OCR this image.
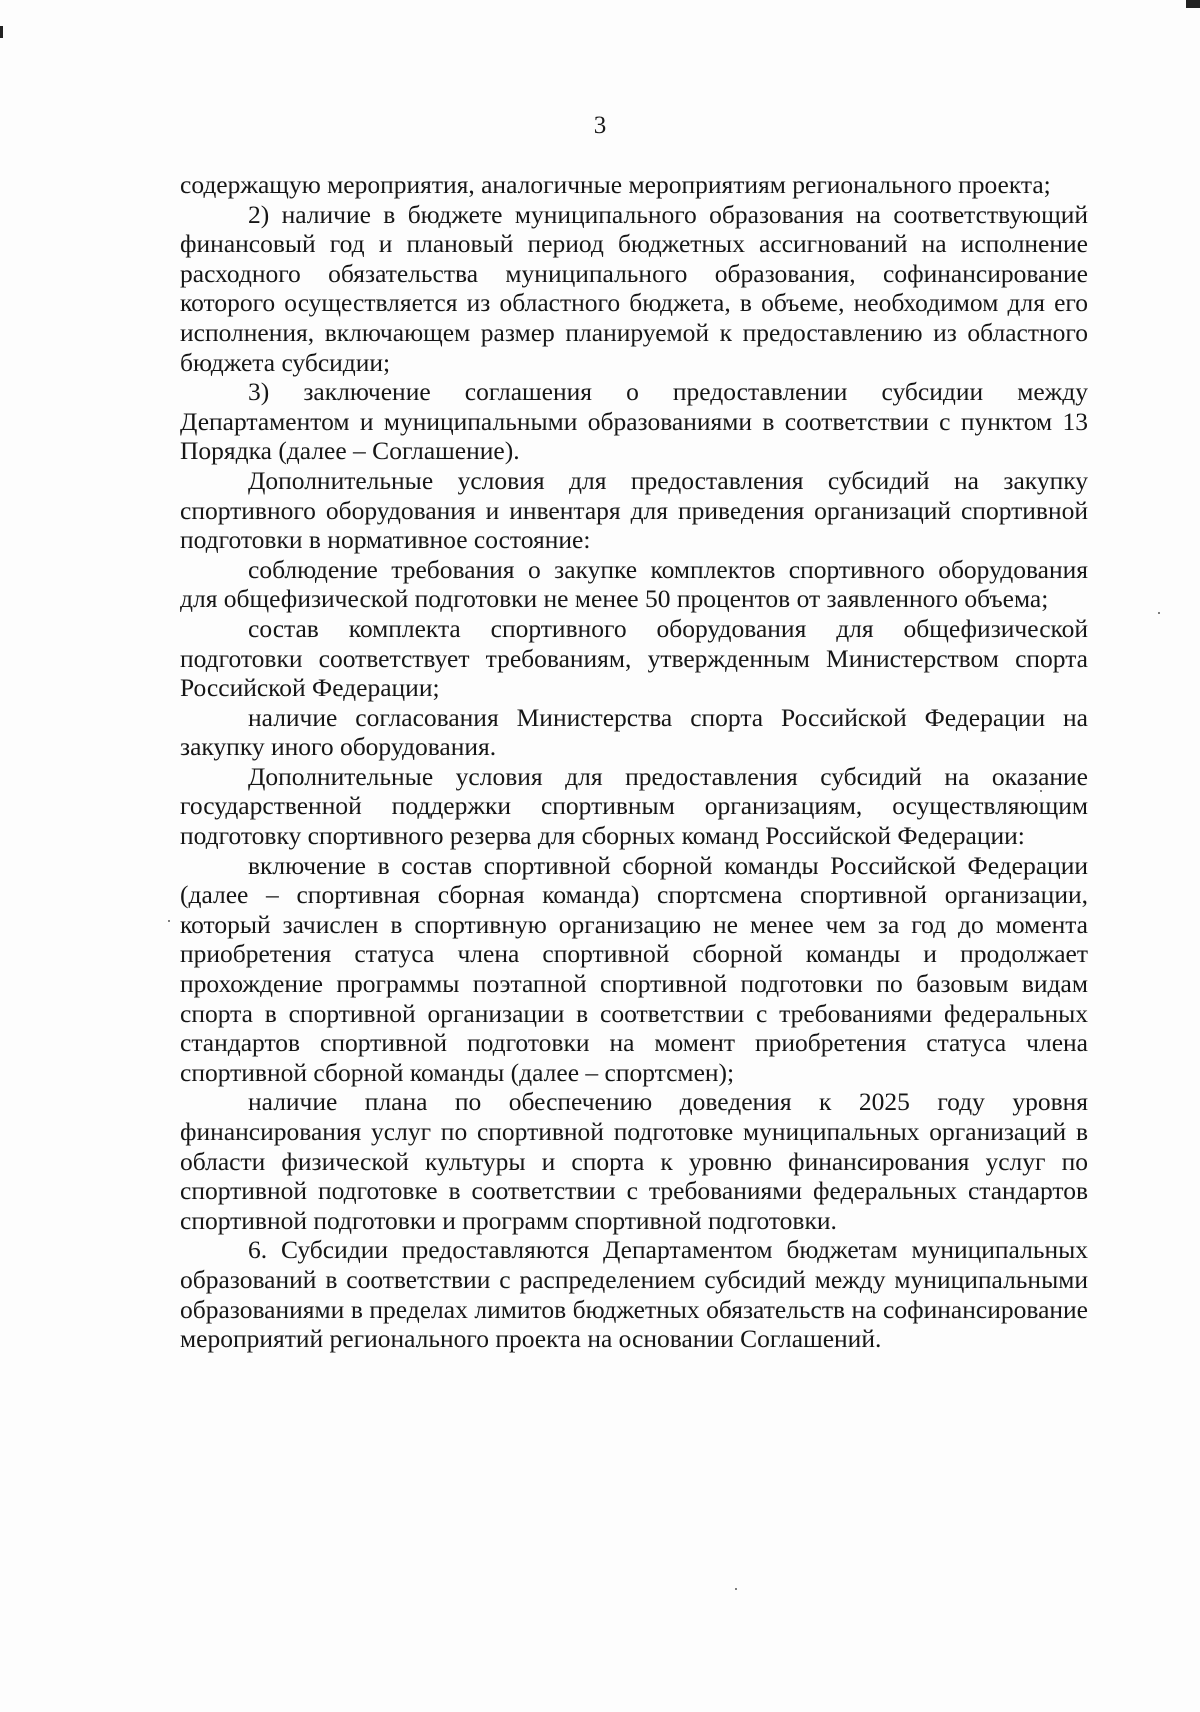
3

содержащую мероприятия, аналогичные мероприятиям регионального проекта;

2) наличие в бюджете муниципального образования на соответствующий финансовый год и плановый период бюджетных ассигнований на исполнение расходного обязательства муниципального образования, софинансирование которого осуществляется из областного бюджета, в объеме, необходимом для его исполнения, включающем размер планируемой к предоставлению из областного бюджета субсидии;

3) заключение соглашения о предоставлении субсидии между Департаментом и муниципальными образованиями в соответствии с пунктом 13 Порядка (далее – Соглашение).

Дополнительные условия для предоставления субсидий на закупку спортивного оборудования и инвентаря для приведения организаций спортивной подготовки в нормативное состояние:

соблюдение требования о закупке комплектов спортивного оборудования для общефизической подготовки не менее 50 процентов от заявленного объема;

состав комплекта спортивного оборудования для общефизической подготовки соответствует требованиям, утвержденным Министерством спорта Российской Федерации;

наличие согласования Министерства спорта Российской Федерации на закупку иного оборудования.

Дополнительные условия для предоставления субсидий на оказание государственной поддержки спортивным организациям, осуществляющим подготовку спортивного резерва для сборных команд Российской Федерации:

включение в состав спортивной сборной команды Российской Федерации (далее – спортивная сборная команда) спортсмена спортивной организации, который зачислен в спортивную организацию не менее чем за год до момента приобретения статуса члена спортивной сборной команды и продолжает прохождение программы поэтапной спортивной подготовки по базовым видам спорта в спортивной организации в соответствии с требованиями федеральных стандартов спортивной подготовки на момент приобретения статуса члена спортивной сборной команды (далее – спортсмен);

наличие плана по обеспечению доведения к 2025 году уровня финансирования услуг по спортивной подготовке муниципальных организаций в области физической культуры и спорта к уровню финансирования услуг по спортивной подготовке в соответствии с требованиями федеральных стандартов спортивной подготовки и программ спортивной подготовки.

6. Субсидии предоставляются Департаментом бюджетам муниципальных образований в соответствии с распределением субсидий между муниципальными образованиями в пределах лимитов бюджетных обязательств на софинансирование мероприятий регионального проекта на основании Соглашений.
